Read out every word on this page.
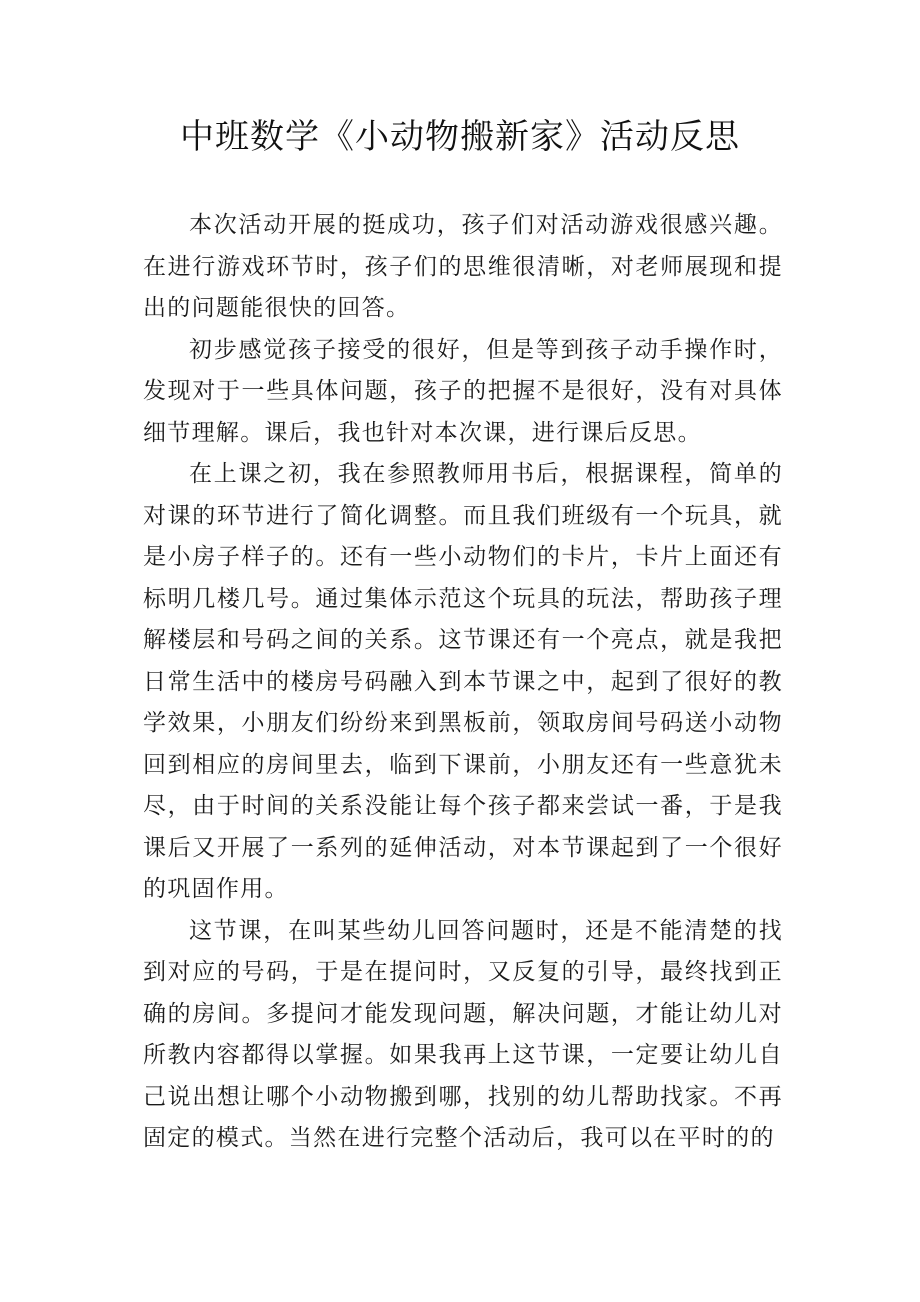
中班数学《小动物搬新家》活动反思

本次活动开展的挺成功，孩子们对活动游戏很感兴趣。在进行游戏环节时，孩子们的思维很清晰，对老师展现和提出的问题能很快的回答。

初步感觉孩子接受的很好，但是等到孩子动手操作时，发现对于一些具体问题，孩子的把握不是很好，没有对具体细节理解。课后，我也针对本次课，进行课后反思。

在上课之初，我在参照教师用书后，根据课程，简单的对课的环节进行了简化调整。而且我们班级有一个玩具，就是小房子样子的。还有一些小动物们的卡片，卡片上面还有标明几楼几号。通过集体示范这个玩具的玩法，帮助孩子理解楼层和号码之间的关系。这节课还有一个亮点，就是我把日常生活中的楼房号码融入到本节课之中，起到了很好的教学效果，小朋友们纷纷来到黑板前，领取房间号码送小动物回到相应的房间里去，临到下课前，小朋友还有一些意犹未尽，由于时间的关系没能让每个孩子都来尝试一番，于是我课后又开展了一系列的延伸活动，对本节课起到了一个很好的巩固作用。

这节课，在叫某些幼儿回答问题时，还是不能清楚的找到对应的号码，于是在提问时，又反复的引导，最终找到正确的房间。多提问才能发现问题，解决问题，才能让幼儿对所教内容都得以掌握。如果我再上这节课，一定要让幼儿自己说出想让哪个小动物搬到哪，找别的幼儿帮助找家。不再固定的模式。当然在进行完整个活动后，我可以在平时的的
